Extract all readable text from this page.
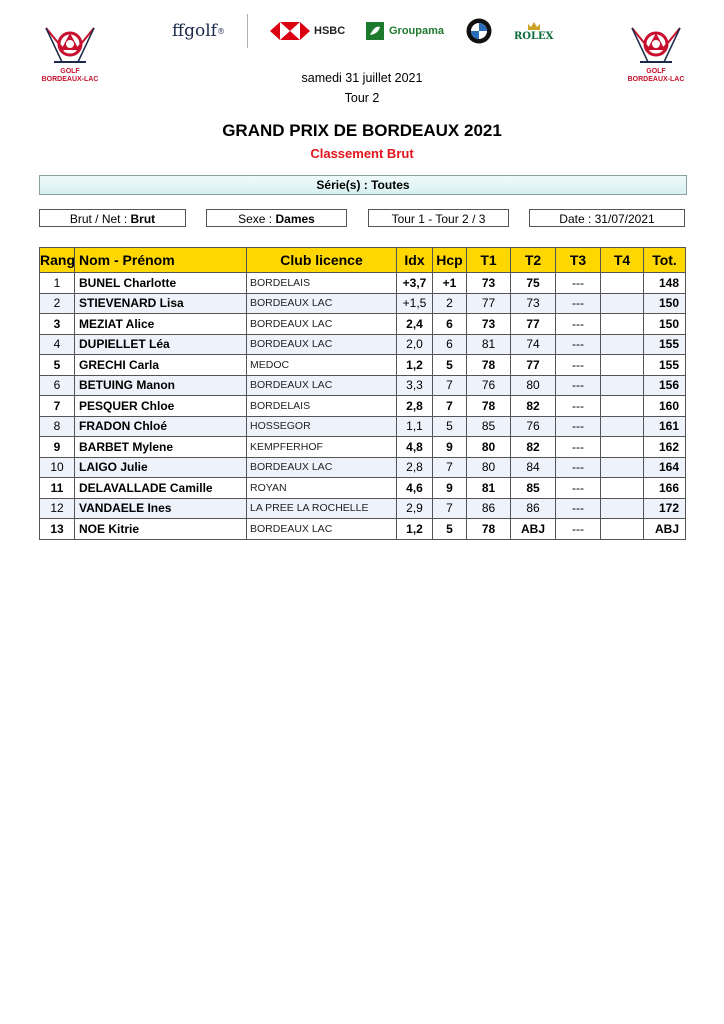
GOLF
BORDEAUX-LAC
GOLF
BORDEAUX-LAC
ffgolf ®	HSBC	Groupama	ROLEX
samedi 31 juillet 2021
Tour 2
GRAND PRIX DE BORDEAUX 2021
Classement Brut
Série(s) : Toutes
Brut / Net : Brut	Sexe : Dames	Tour 1 - Tour 2 / 3	Date : 31/07/2021
Rang	Nom - Prénom	Club licence	Idx	Hcp	T1	T2	T3	T4	Tot.
1	BUNEL Charlotte	BORDELAIS	+3,7	+1	73	75	---		148
2	STIEVENARD Lisa	BORDEAUX LAC	+1,5	2	77	73	---		150
3	MEZIAT Alice	BORDEAUX LAC	2,4	6	73	77	---		150
4	DUPIELLET Léa	BORDEAUX LAC	2,0	6	81	74	---		155
5	GRECHI Carla	MEDOC	1,2	5	78	77	---		155
6	BETUING Manon	BORDEAUX LAC	3,3	7	76	80	---		156
7	PESQUER Chloe	BORDELAIS	2,8	7	78	82	---		160
8	FRADON Chloé	HOSSEGOR	1,1	5	85	76	---		161
9	BARBET Mylene	KEMPFERHOF	4,8	9	80	82	---		162
10	LAIGO Julie	BORDEAUX LAC	2,8	7	80	84	---		164
11	DELAVALLADE Camille	ROYAN	4,6	9	81	85	---		166
12	VANDAELE Ines	LA PREE LA ROCHELLE	2,9	7	86	86	---		172
13	NOE Kitrie	BORDEAUX LAC	1,2	5	78	ABJ	---		ABJ
